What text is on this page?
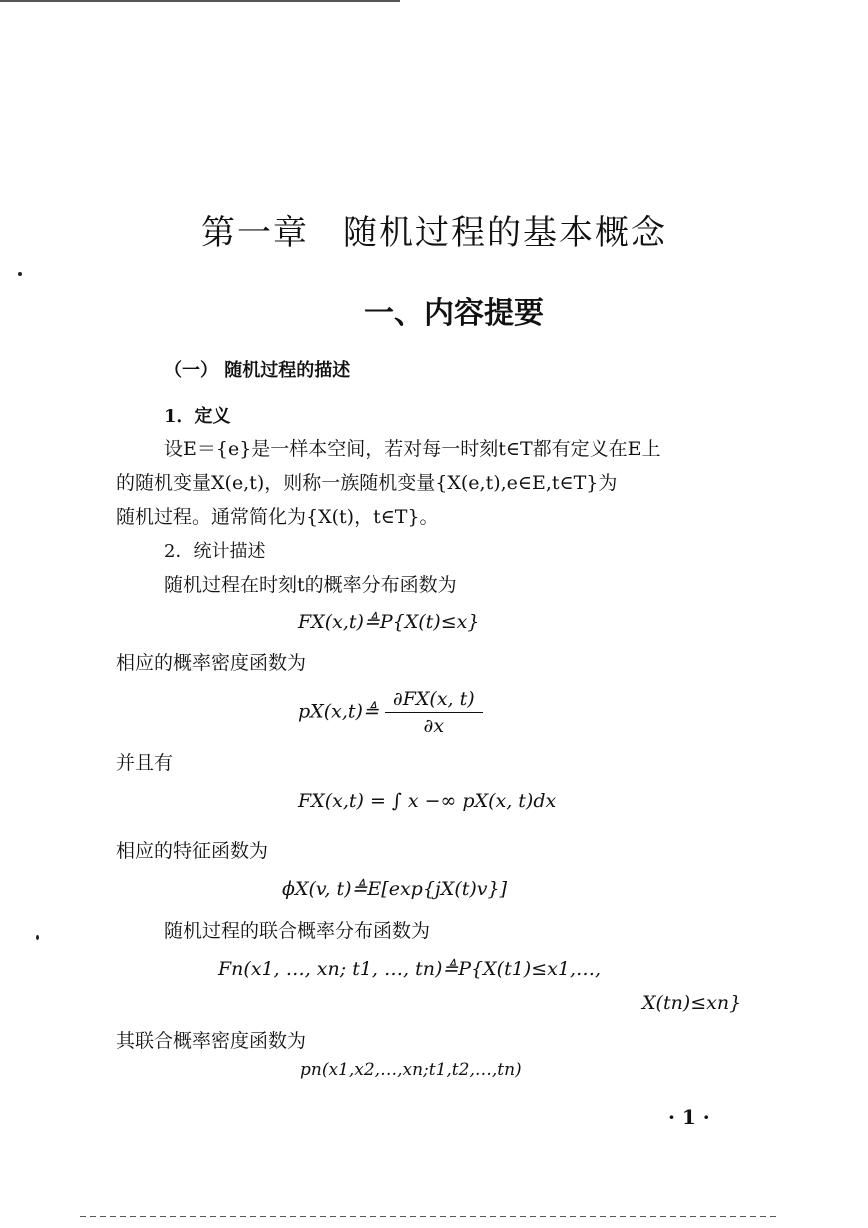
第一章 随机过程的基本概念
一、内容提要
（一） 随机过程的描述
1．定义
设E＝{e}是一样本空间，若对每一时刻t∈T都有定义在E上
的随机变量X(e,t)，则称一族随机变量{X(e,t),e∈E,t∈T}为
随机过程。通常简化为{X(t)，t∈T}。
2．统计描述
随机过程在时刻t的概率分布函数为
FX(x,t)≜P{X(t)≤x}
相应的概率密度函数为
pX(x,t)≜ $\frac{\partial FX(x, t)}{\partial x}$
并且有
FX(x,t) = ∫ x −∞ pX(x, t)dx
相应的特征函数为
ϕX(v, t)≜E[exp{jX(t)v}]
随机过程的联合概率分布函数为
Fn(x1, …, xn; t1, …, tn)≜P{X(t1)≤x1,…,
X(tn)≤xn}
其联合概率密度函数为
pn(x1,x2,…,xn;t1,t2,…,tn)
· 1 ·
